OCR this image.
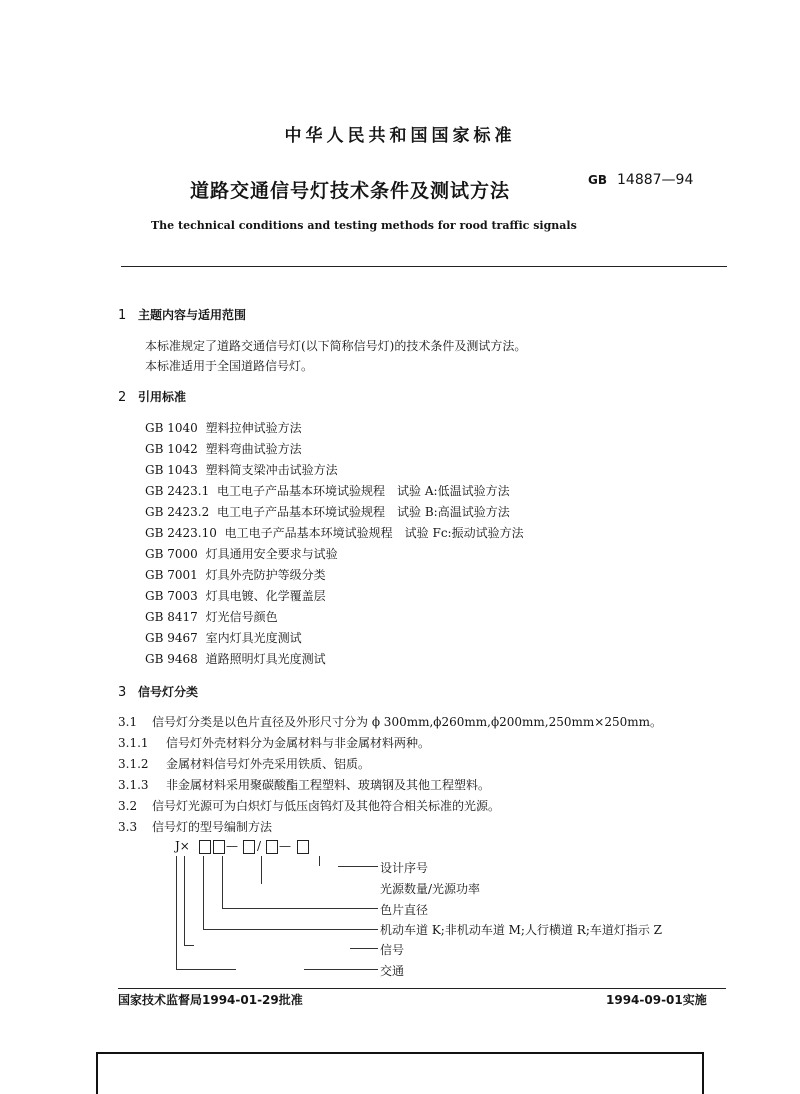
中华人民共和国国家标准
道路交通信号灯技术条件及测试方法	GB 14887—94
The technical conditions and testing methods for rood traffic signals
1 主题内容与适用范围
本标准规定了道路交通信号灯(以下简称信号灯)的技术条件及测试方法。
本标准适用于全国道路信号灯。
2 引用标准
GB 1040 塑料拉伸试验方法
GB 1042 塑料弯曲试验方法
GB 1043 塑料简支梁冲击试验方法
GB 2423.1 电工电子产品基本环境试验规程　试验 A:低温试验方法
GB 2423.2 电工电子产品基本环境试验规程　试验 B:高温试验方法
GB 2423.10 电工电子产品基本环境试验规程　试验 Fc:振动试验方法
GB 7000 灯具通用安全要求与试验
GB 7001 灯具外壳防护等级分类
GB 7003 灯具电镀、化学覆盖层
GB 8417 灯光信号颜色
GB 9467 室内灯具光度测试
GB 9468 道路照明灯具光度测试
3 信号灯分类
3.1 信号灯分类是以色片直径及外形尺寸分为 ϕ 300mm,ϕ260mm,ϕ200mm,250mm×250mm。
3.1.1 信号灯外壳材料分为金属材料与非金属材料两种。
3.1.2 金属材料信号灯外壳采用铁质、铝质。
3.1.3 非金属材料采用聚碳酸酯工程塑料、玻璃钢及其他工程塑料。
3.2 信号灯光源可为白炽灯与低压卤钨灯及其他符合相关标准的光源。
3.3 信号灯的型号编制方法
J×	— / —
设计序号
光源数量/光源功率
色片直径
机动车道 K;非机动车道 M;人行横道 R;车道灯指示 Z
信号
交通
国家技术监督局1994-01-29批准	1994-09-01实施
